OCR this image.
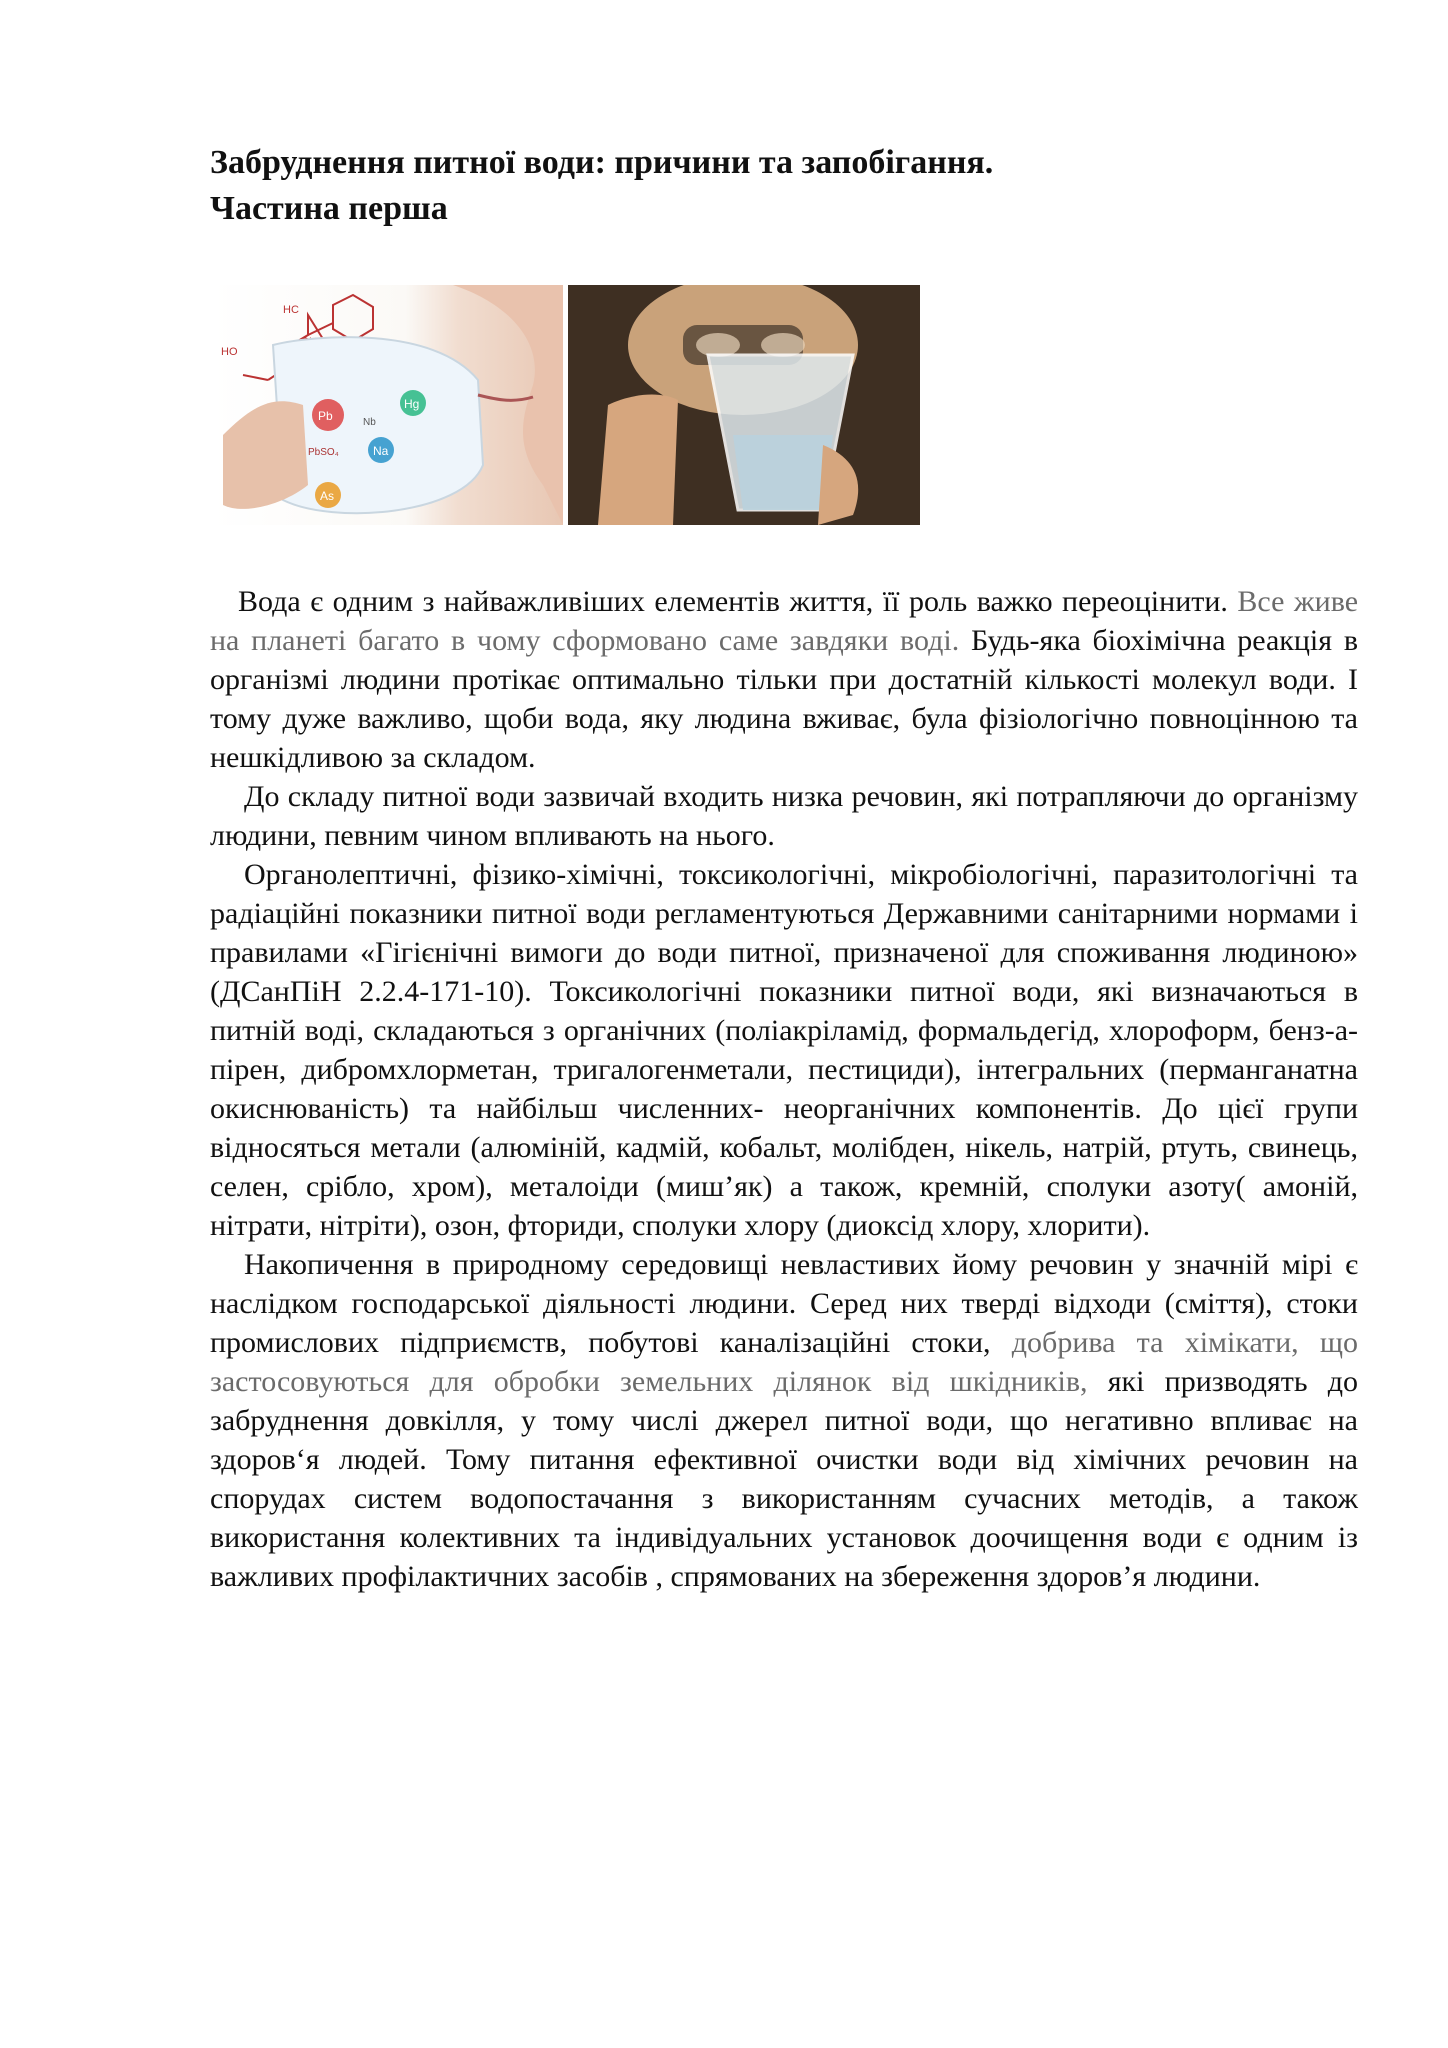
Забруднення питної води: причини та запобігання.
Частина перша
HC
HO
Pb	Nb
Hg
PbSO₄	Na
As

Вода є одним з найважливіших елементів життя, її роль важко переоцінити. Все живе на планеті багато в чому сформовано саме завдяки воді. Будь-яка біохімічна реакція в організмі людини протікає оптимально тільки при достатній кількості молекул води. І тому дуже важливо, щоби вода, яку людина вживає, була фізіологічно повноцінною та нешкідливою за складом.

До складу питної води зазвичай входить низка речовин, які потрапляючи до організму людини, певним чином впливають на нього.

Органолептичні, фізико-хімічні, токсикологічні, мікробіологічні, паразитологічні та радіаційні показники питної води регламентуються Державними санітарними нормами і правилами «Гігієнічні вимоги до води питної, призначеної для споживання людиною» (ДСанПіН 2.2.4-171-10). Токсикологічні показники питної води, які визначаються в питній воді, складаються з органічних (поліакріламід, формальдегід, хлороформ, бенз-а-пірен, дибромхлорметан, тригалогенметали, пестициди), інтегральних (перманганатна окиснюваність) та найбільш численних- неорганічних компонентів. До цієї групи відносяться метали (алюміній, кадмій, кобальт, молібден, нікель, натрій, ртуть, свинець, селен, срібло, хром), металоіди (миш’як) а також, кремній, сполуки азоту( амоній, нітрати, нітріти), озон, фториди, сполуки хлору (диоксід хлору, хлорити).

Накопичення в природному середовищі невластивих йому речовин у значній мірі є наслідком господарської діяльності людини. Серед них тверді відходи (сміття), стоки промислових підприємств, побутові каналізаційні стоки, добрива та хімікати, що застосовуються для обробки земельних ділянок від шкідників, які призводять до забруднення довкілля, у тому числі джерел питної води, що негативно впливає на здоров‘я людей. Тому питання ефективної очистки води від хімічних речовин на спорудах систем водопостачання з використанням сучасних методів, а також використання колективних та індивідуальних установок доочищення води є одним із важливих профілактичних засобів , спрямованих на збереження здоров’я людини.
